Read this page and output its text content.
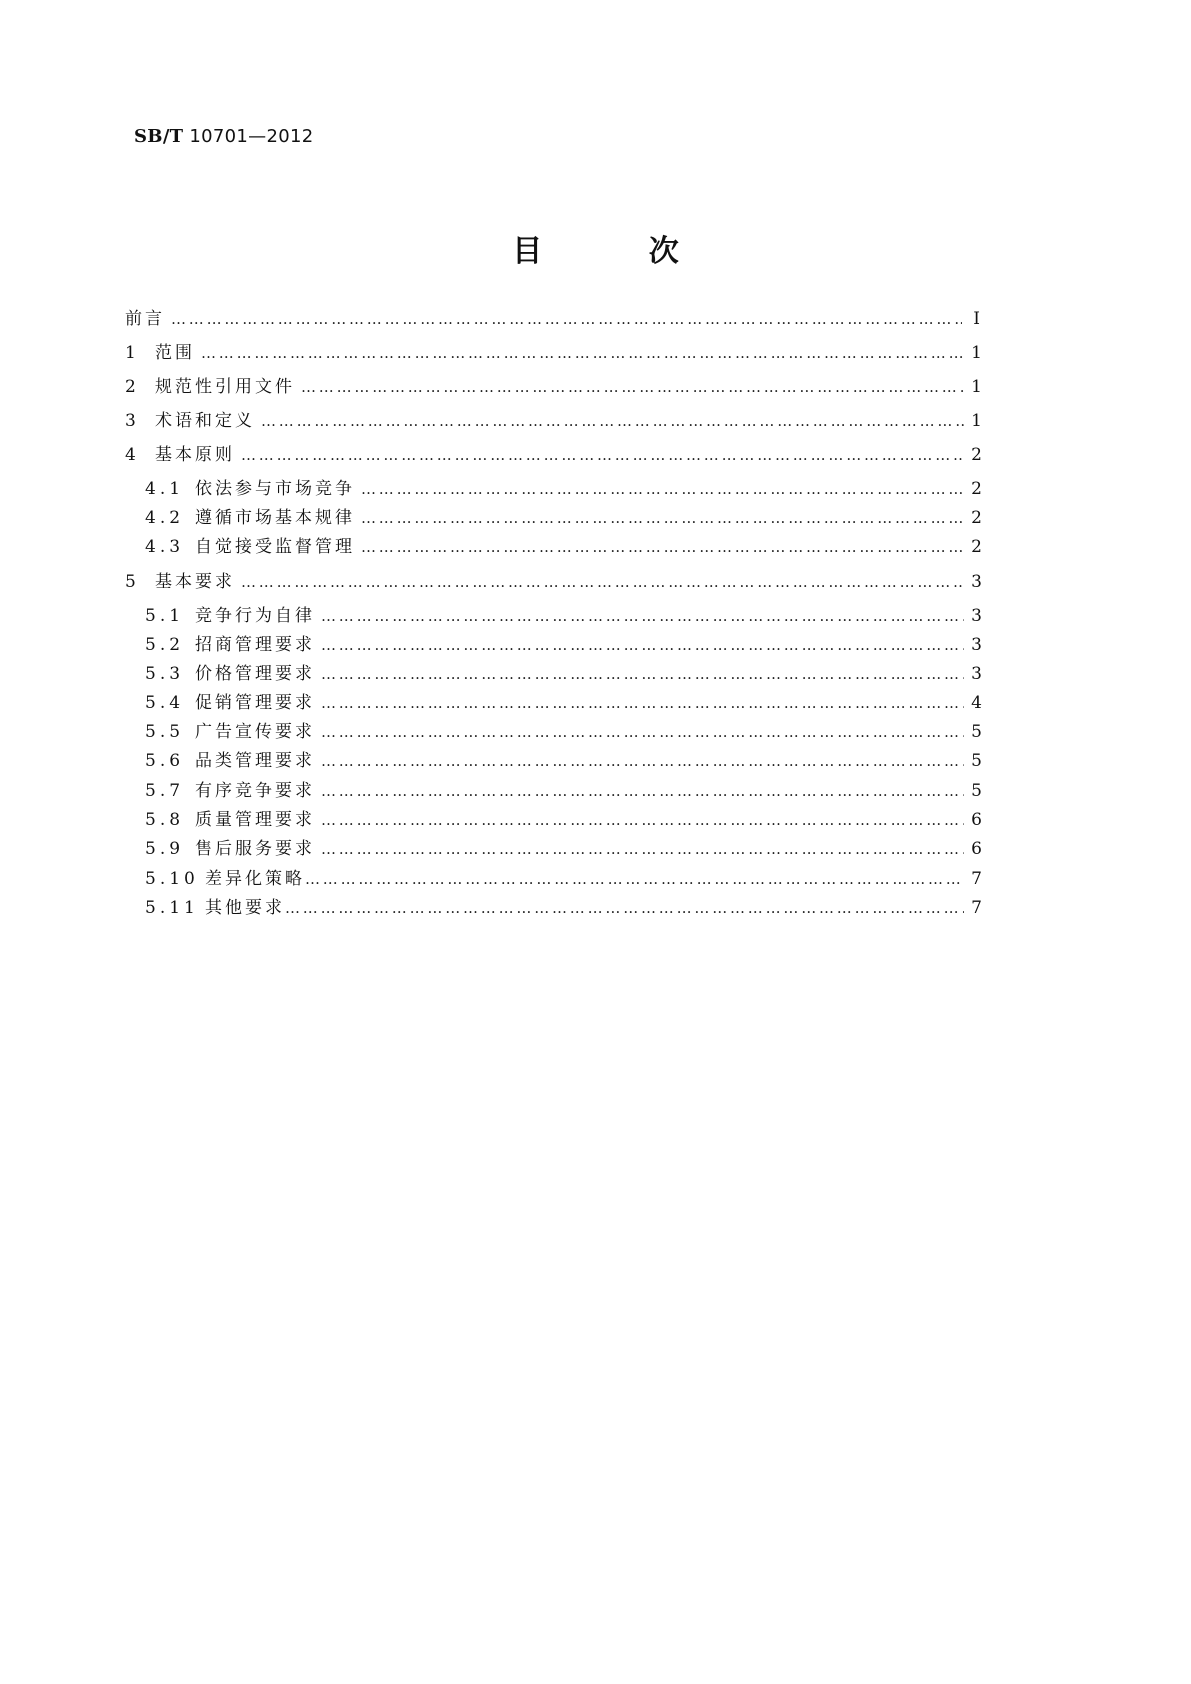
SB/T 10701—2012
目 次
前言 …………………………………………………………………………………………………………………………………………………………………………………………………………	Ⅰ
1 范围 …………………………………………………………………………………………………………………………………………………………………………………………………………	1
2 规范性引用文件 …………………………………………………………………………………………………………………………………………………………………………………………………………	1
3 术语和定义 …………………………………………………………………………………………………………………………………………………………………………………………………………	1
4 基本原则 …………………………………………………………………………………………………………………………………………………………………………………………………………	2
4.1 依法参与市场竞争 …………………………………………………………………………………………………………………………………………………………………………………………………………	2
4.2 遵循市场基本规律 …………………………………………………………………………………………………………………………………………………………………………………………………………	2
4.3 自觉接受监督管理 …………………………………………………………………………………………………………………………………………………………………………………………………………	2
5 基本要求 …………………………………………………………………………………………………………………………………………………………………………………………………………	3
5.1 竞争行为自律 …………………………………………………………………………………………………………………………………………………………………………………………………………	3
5.2 招商管理要求 …………………………………………………………………………………………………………………………………………………………………………………………………………	3
5.3 价格管理要求 …………………………………………………………………………………………………………………………………………………………………………………………………………	3
5.4 促销管理要求 …………………………………………………………………………………………………………………………………………………………………………………………………………	4
5.5 广告宣传要求 …………………………………………………………………………………………………………………………………………………………………………………………………………	5
5.6 品类管理要求 …………………………………………………………………………………………………………………………………………………………………………………………………………	5
5.7 有序竞争要求 …………………………………………………………………………………………………………………………………………………………………………………………………………	5
5.8 质量管理要求 …………………………………………………………………………………………………………………………………………………………………………………………………………	6
5.9 售后服务要求 …………………………………………………………………………………………………………………………………………………………………………………………………………	6
5.10 差异化策略 …………………………………………………………………………………………………………………………………………………………………………………………………………	7
5.11 其他要求 …………………………………………………………………………………………………………………………………………………………………………………………………………	7
